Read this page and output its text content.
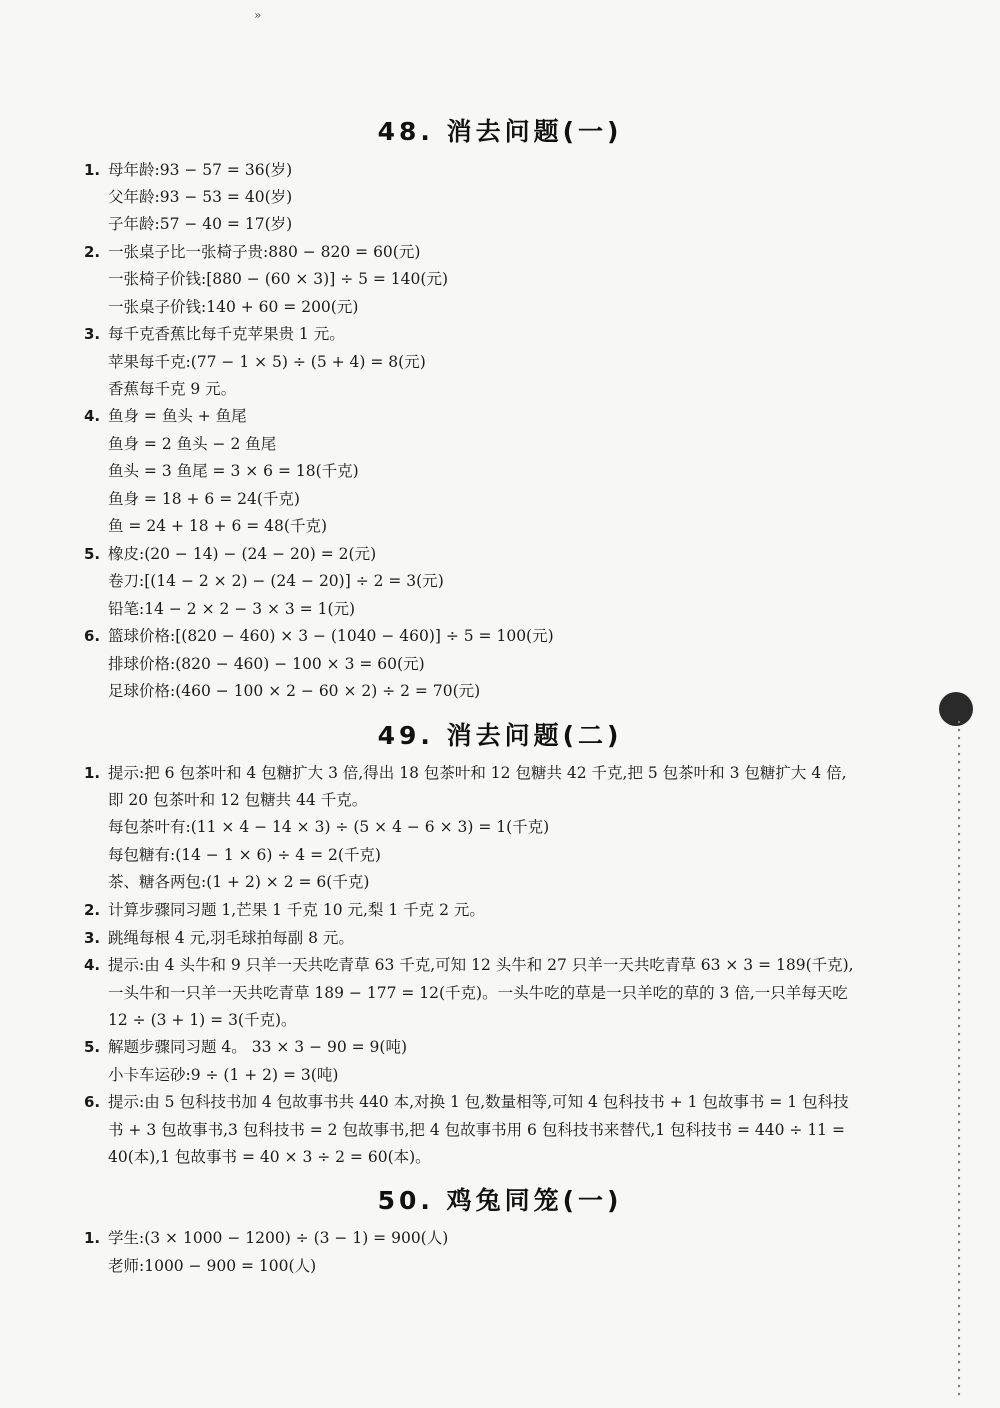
»
48. 消去问题(一)
1. 母年龄:93 − 57 = 36(岁)
父年龄:93 − 53 = 40(岁)
子年龄:57 − 40 = 17(岁)
2. 一张桌子比一张椅子贵:880 − 820 = 60(元)
一张椅子价钱:[880 − (60 × 3)] ÷ 5 = 140(元)
一张桌子价钱:140 + 60 = 200(元)
3. 每千克香蕉比每千克苹果贵 1 元。
苹果每千克:(77 − 1 × 5) ÷ (5 + 4) = 8(元)
香蕉每千克 9 元。
4. 鱼身 = 鱼头 + 鱼尾
鱼身 = 2 鱼头 − 2 鱼尾
鱼头 = 3 鱼尾 = 3 × 6 = 18(千克)
鱼身 = 18 + 6 = 24(千克)
鱼 = 24 + 18 + 6 = 48(千克)
5. 橡皮:(20 − 14) − (24 − 20) = 2(元)
卷刀:[(14 − 2 × 2) − (24 − 20)] ÷ 2 = 3(元)
铅笔:14 − 2 × 2 − 3 × 3 = 1(元)
6. 篮球价格:[(820 − 460) × 3 − (1040 − 460)] ÷ 5 = 100(元)
排球价格:(820 − 460) − 100 × 3 = 60(元)
足球价格:(460 − 100 × 2 − 60 × 2) ÷ 2 = 70(元)
49. 消去问题(二)
1. 提示:把 6 包茶叶和 4 包糖扩大 3 倍,得出 18 包茶叶和 12 包糖共 42 千克,把 5 包茶叶和 3 包糖扩大 4 倍,
即 20 包茶叶和 12 包糖共 44 千克。
每包茶叶有:(11 × 4 − 14 × 3) ÷ (5 × 4 − 6 × 3) = 1(千克)
每包糖有:(14 − 1 × 6) ÷ 4 = 2(千克)
茶、糖各两包:(1 + 2) × 2 = 6(千克)
2. 计算步骤同习题 1,芒果 1 千克 10 元,梨 1 千克 2 元。
3. 跳绳每根 4 元,羽毛球拍每副 8 元。
4. 提示:由 4 头牛和 9 只羊一天共吃青草 63 千克,可知 12 头牛和 27 只羊一天共吃青草 63 × 3 = 189(千克),
一头牛和一只羊一天共吃青草 189 − 177 = 12(千克)。一头牛吃的草是一只羊吃的草的 3 倍,一只羊每天吃
12 ÷ (3 + 1) = 3(千克)。
5. 解题步骤同习题 4。 33 × 3 − 90 = 9(吨)
小卡车运砂:9 ÷ (1 + 2) = 3(吨)
6. 提示:由 5 包科技书加 4 包故事书共 440 本,对换 1 包,数量相等,可知 4 包科技书 + 1 包故事书 = 1 包科技
书 + 3 包故事书,3 包科技书 = 2 包故事书,把 4 包故事书用 6 包科技书来替代,1 包科技书 = 440 ÷ 11 =
40(本),1 包故事书 = 40 × 3 ÷ 2 = 60(本)。
50. 鸡兔同笼(一)
1. 学生:(3 × 1000 − 1200) ÷ (3 − 1) = 900(人)
老师:1000 − 900 = 100(人)
